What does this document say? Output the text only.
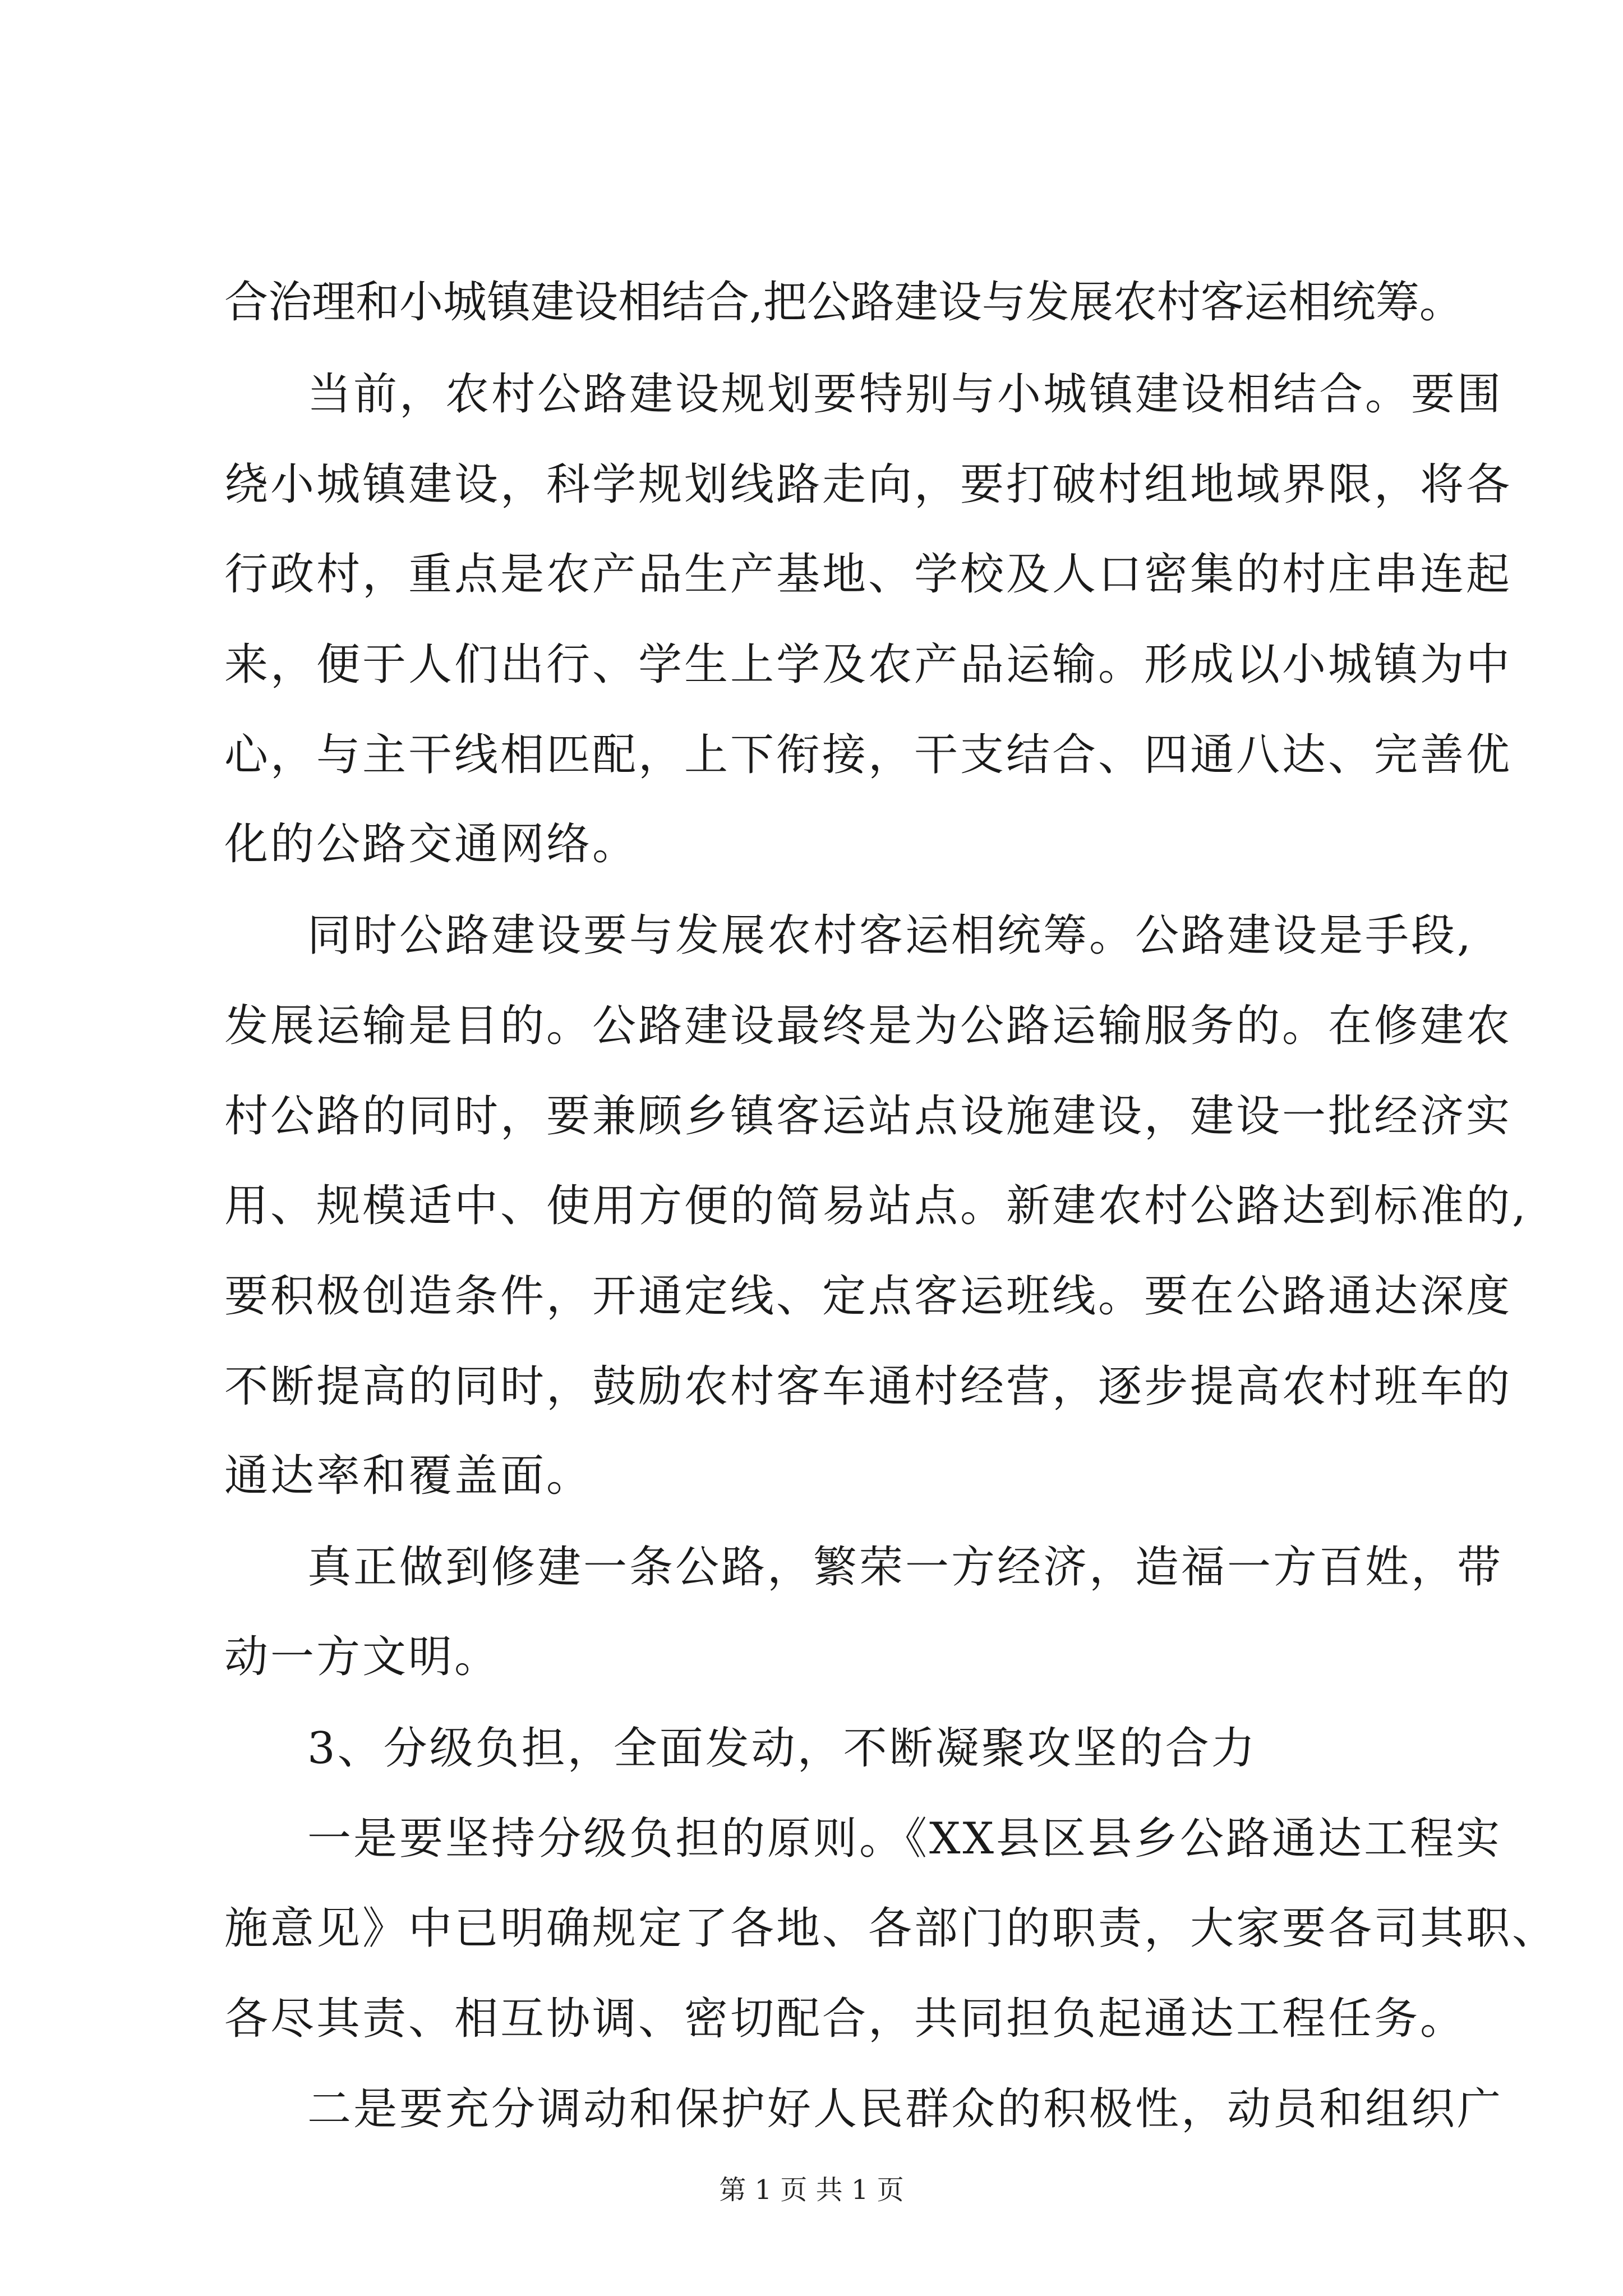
合治理和小城镇建设相结合,把公路建设与发展农村客运相统筹。
当前，农村公路建设规划要特别与小城镇建设相结合。要围
绕小城镇建设，科学规划线路走向，要打破村组地域界限，将各
行政村，重点是农产品生产基地、学校及人口密集的村庄串连起
来，便于人们出行、学生上学及农产品运输。形成以小城镇为中
心，与主干线相匹配，上下衔接，干支结合、四通八达、完善优
化的公路交通网络。
同时公路建设要与发展农村客运相统筹。公路建设是手段,
发展运输是目的。公路建设最终是为公路运输服务的。在修建农
村公路的同时，要兼顾乡镇客运站点设施建设，建设一批经济实
用、规模适中、使用方便的简易站点。新建农村公路达到标准的,
要积极创造条件，开通定线、定点客运班线。要在公路通达深度
不断提高的同时，鼓励农村客车通村经营，逐步提高农村班车的
通达率和覆盖面。
真正做到修建一条公路，繁荣一方经济，造福一方百姓，带
动一方文明。
3、分级负担，全面发动，不断凝聚攻坚的合力
一是要坚持分级负担的原则。《XX县区县乡公路通达工程实
施意见》中已明确规定了各地、各部门的职责，大家要各司其职、
各尽其责、相互协调、密切配合，共同担负起通达工程任务。
二是要充分调动和保护好人民群众的积极性，动员和组织广
第 1 页 共 1 页
